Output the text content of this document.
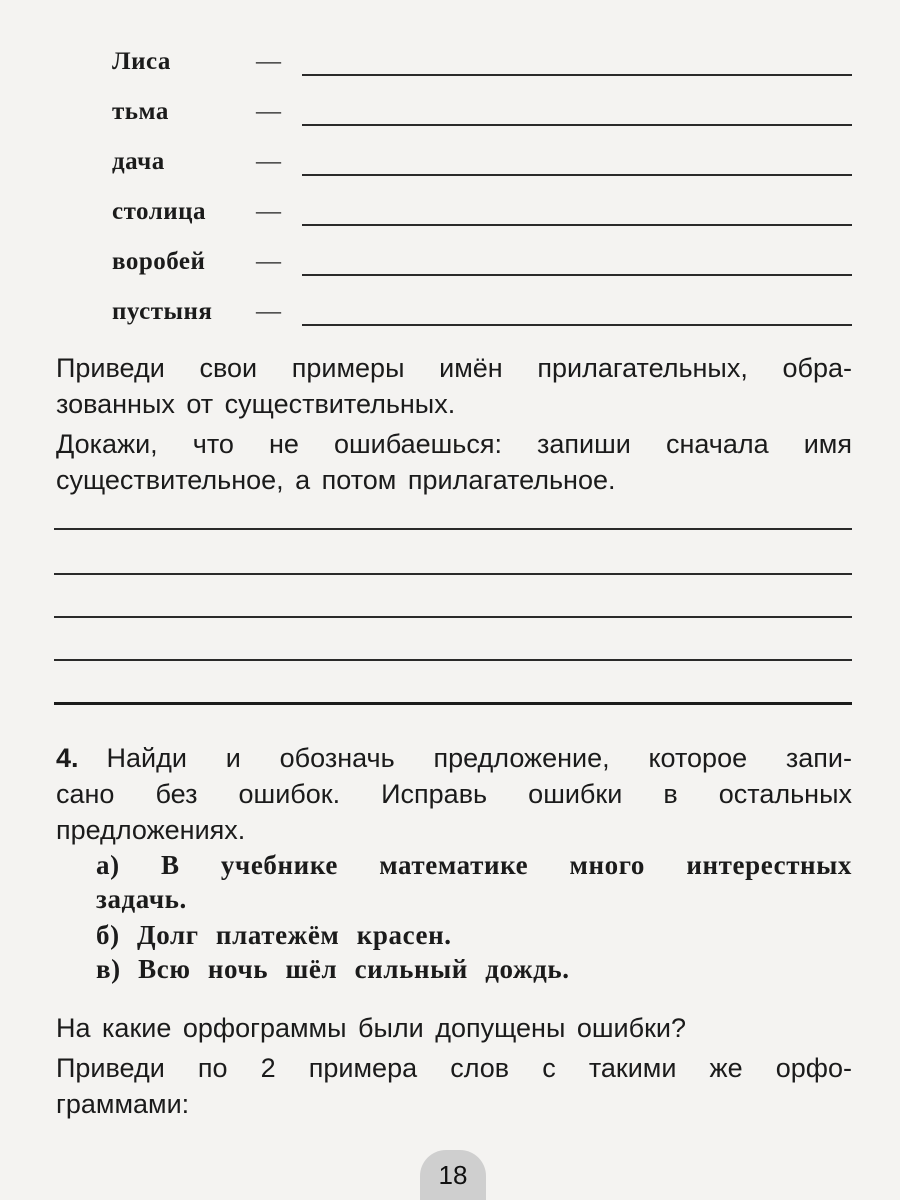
Лиса	—
тьма	—
дача	—
столица —
воробей —
пустыня —
Приведи свои примеры имён прилагательных, обра-
зованных от существительных.
Докажи, что не ошибаешься: запиши сначала имя
существительное, а потом прилагательное.
4. Найди и обозначь предложение, которое запи-
сано без ошибок. Исправь ошибки в остальных
предложениях.
а) В учебнике математике много интерестных
задачь.
б) Долг платежём красен.
в) Всю ночь шёл сильный дождь.
На какие орфограммы были допущены ошибки?
Приведи по 2 примера слов с такими же орфо-
граммами:
18
